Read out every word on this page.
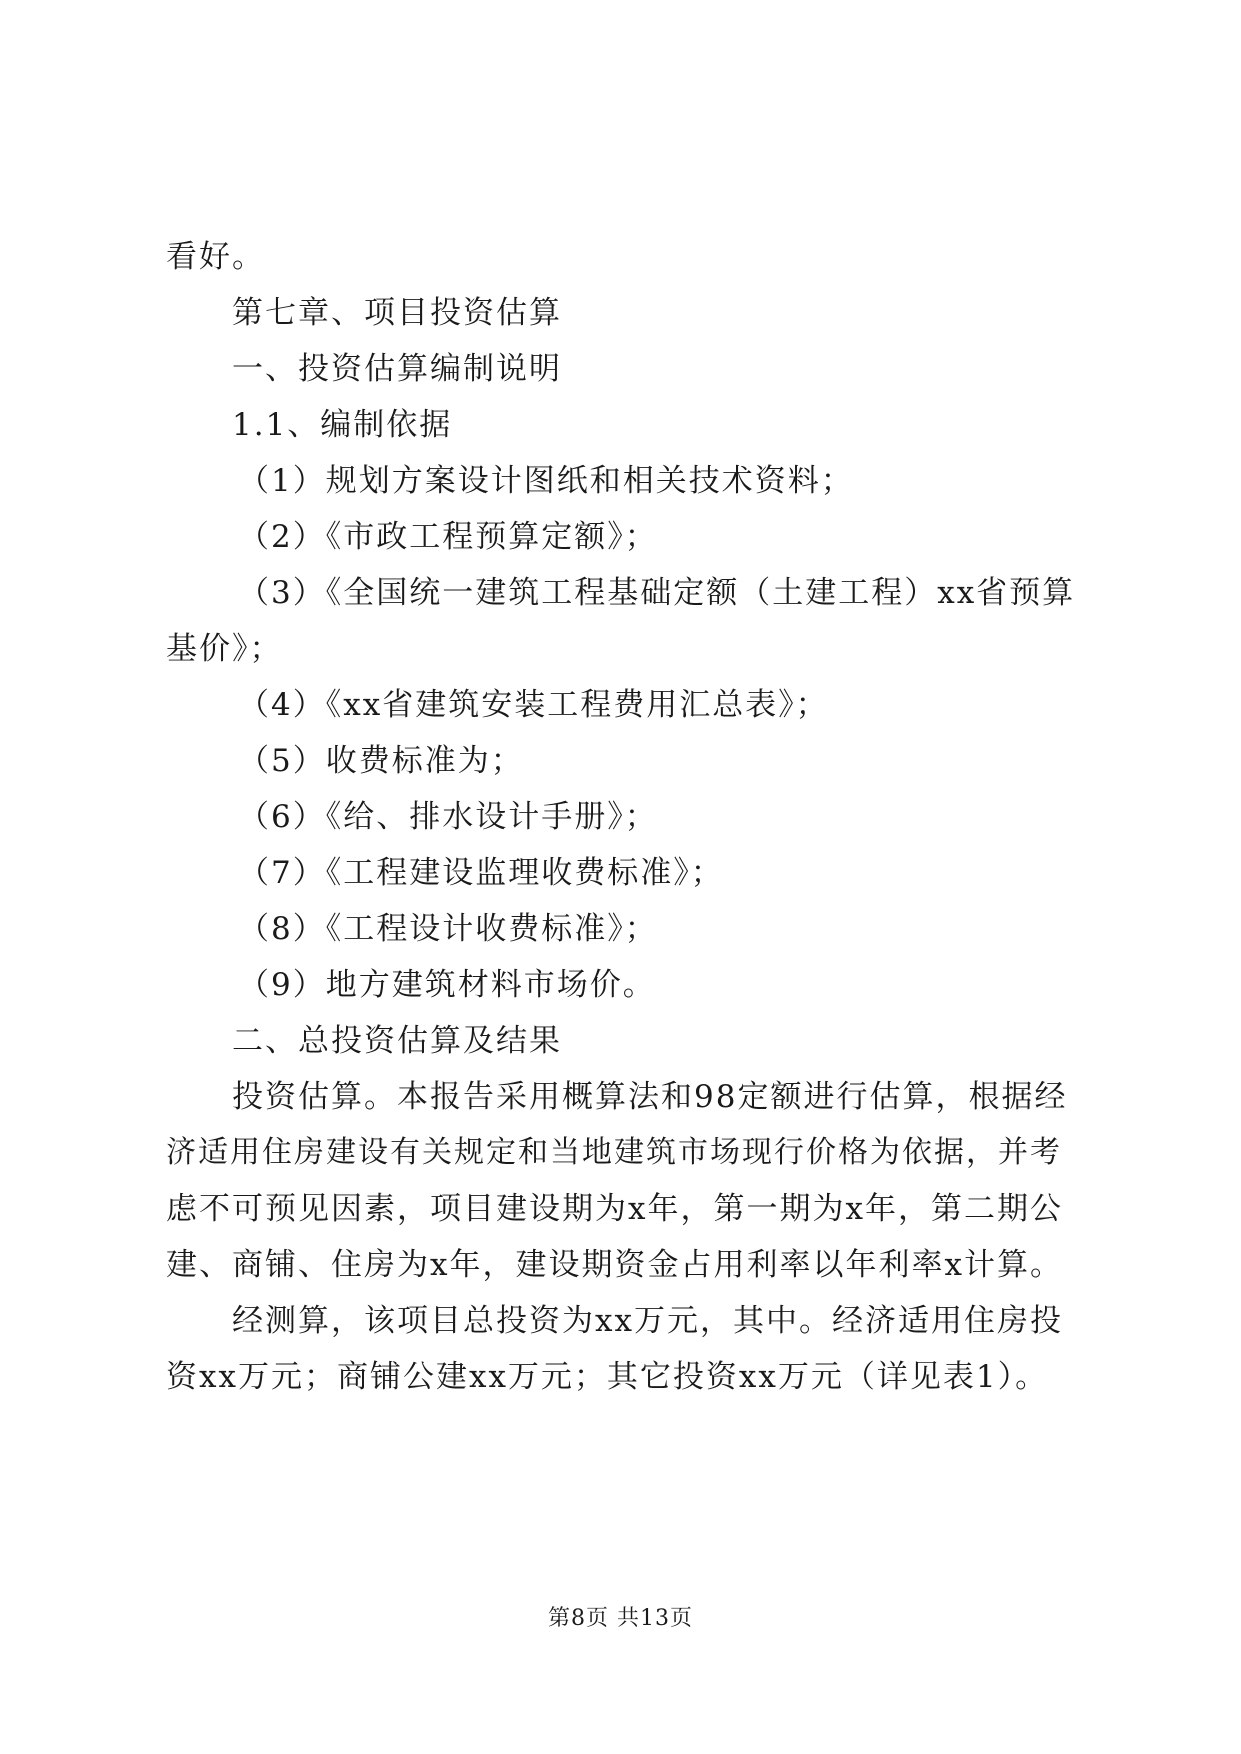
看好。
第七章、项目投资估算
一、投资估算编制说明
1.1、编制依据
（1）规划方案设计图纸和相关技术资料；
（2）《市政工程预算定额》；
（3）《全国统一建筑工程基础定额（土建工程）xx省预算
基价》；
（4）《xx省建筑安装工程费用汇总表》；
（5）收费标准为；
（6）《给、排水设计手册》；
（7）《工程建设监理收费标准》；
（8）《工程设计收费标准》；
（9）地方建筑材料市场价。
二、总投资估算及结果
投资估算。本报告采用概算法和98定额进行估算，根据经
济适用住房建设有关规定和当地建筑市场现行价格为依据，并考
虑不可预见因素，项目建设期为x年，第一期为x年，第二期公
建、商铺、住房为x年，建设期资金占用利率以年利率x计算。
经测算，该项目总投资为xx万元，其中。经济适用住房投
资xx万元；商铺公建xx万元；其它投资xx万元（详见表1）。
第8页 共13页
